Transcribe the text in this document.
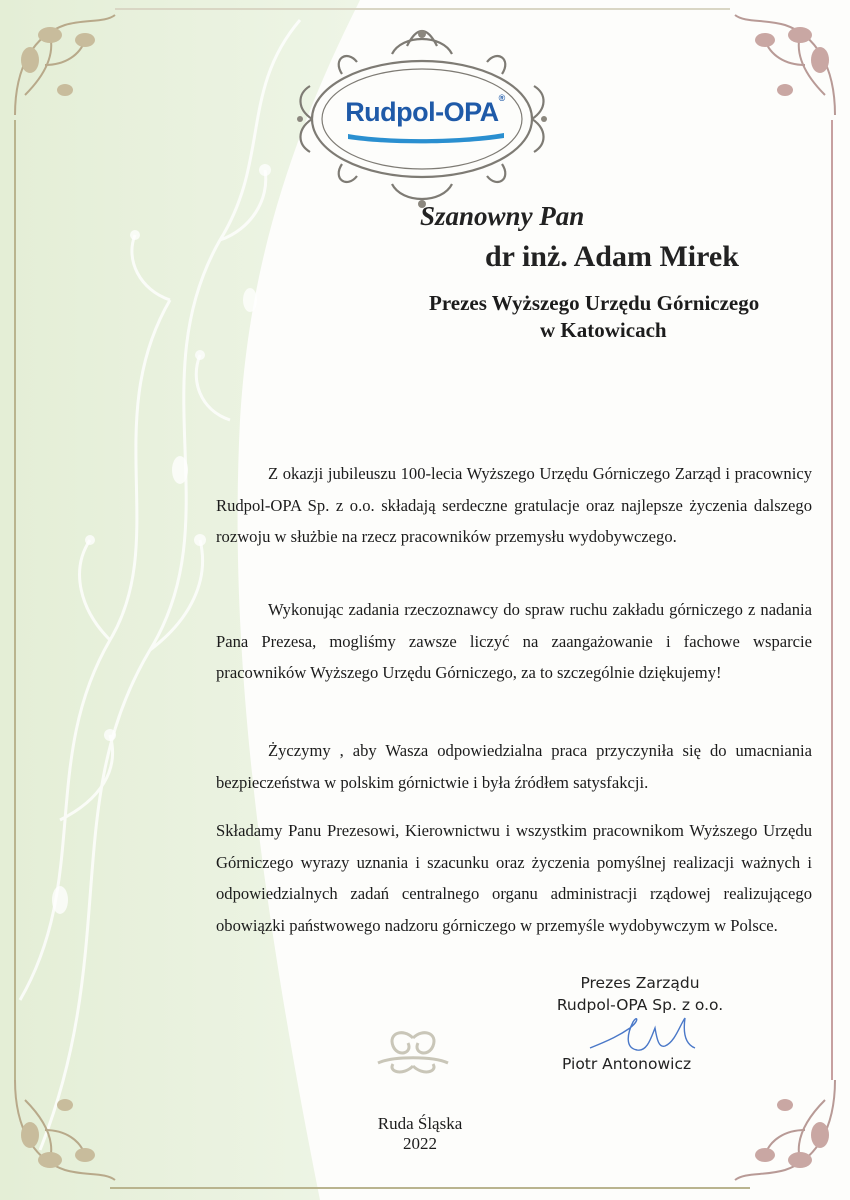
Rudpol-OPA®
Szanowny Pan
dr inż. Adam Mirek
Prezes Wyższego Urzędu Górniczego
w Katowicach
Z okazji jubileuszu 100-lecia Wyższego Urzędu Górniczego Zarząd i pracownicy Rudpol-OPA Sp. z o.o. składają serdeczne gratulacje oraz najlepsze życzenia dalszego rozwoju w służbie na rzecz pracowników przemysłu wydobywczego.
Wykonując zadania rzeczoznawcy do spraw ruchu zakładu górniczego z nadania Pana Prezesa, mogliśmy zawsze liczyć na zaangażowanie i fachowe wsparcie pracowników Wyższego Urzędu Górniczego, za to szczególnie dziękujemy!
Życzymy , aby Wasza odpowiedzialna praca przyczyniła się do umacniania bezpieczeństwa w polskim górnictwie i była źródłem satysfakcji.
Składamy Panu Prezesowi, Kierownictwu i wszystkim pracownikom Wyższego Urzędu Górniczego wyrazy uznania i szacunku oraz życzenia pomyślnej realizacji ważnych i odpowiedzialnych zadań centralnego organu administracji rządowej realizującego obowiązki państwowego nadzoru górniczego w przemyśle wydobywczym w Polsce.
Prezes Zarządu
Rudpol-OPA Sp. z o.o.
Piotr Antonowicz
Ruda Śląska
2022
